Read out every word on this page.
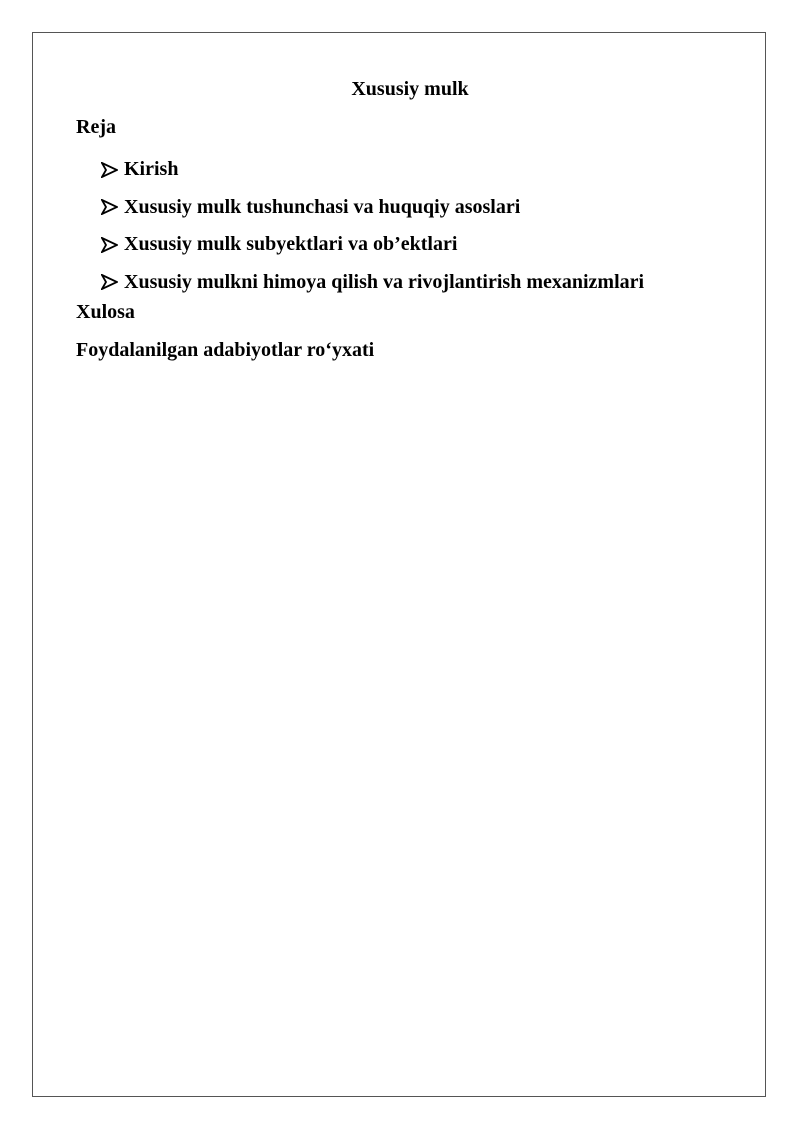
Xususiy mulk

Reja

Kirish
Xususiy mulk tushunchasi va huquqiy asoslari
Xususiy mulk subyektlari va ob’ektlari
Xususiy mulkni himoya qilish va rivojlantirish mexanizmlari

Xulosa

Foydalanilgan adabiyotlar ro‘yxati
